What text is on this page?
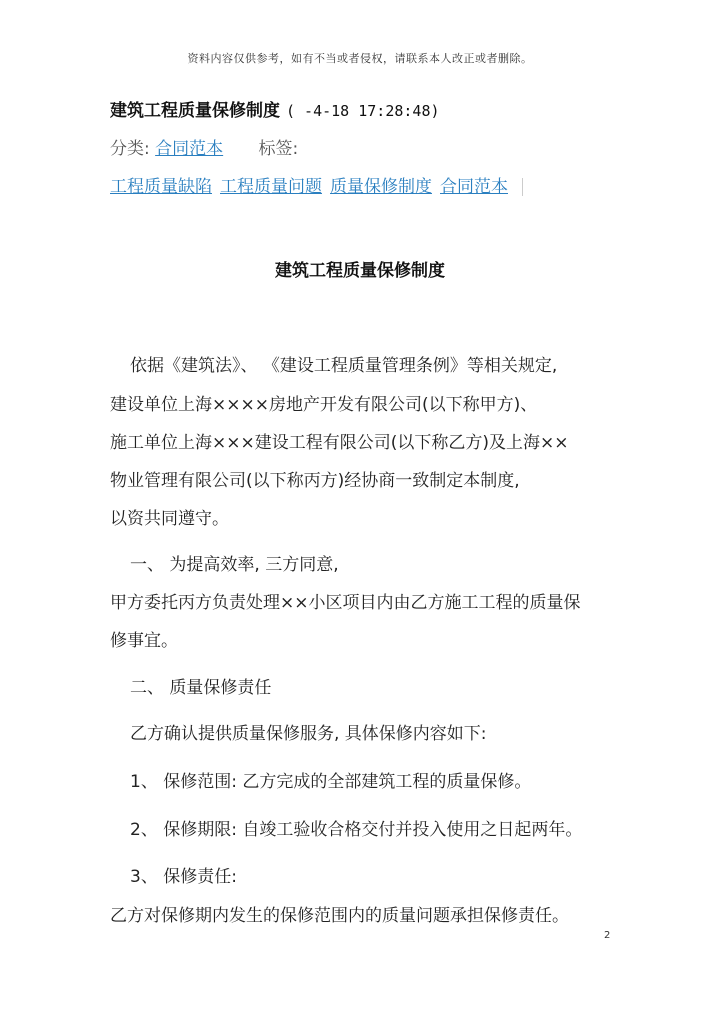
资料内容仅供参考，如有不当或者侵权，请联系本人改正或者删除。
建筑工程质量保修制度 ( -4-18 17:28:48)
分类: 合同范本 标签:
工程质量缺陷 工程质量问题 质量保修制度 合同范本
建筑工程质量保修制度
依据《建筑法》、 《建设工程质量管理条例》等相关规定,
建设单位上海××××房地产开发有限公司(以下称甲方)、
施工单位上海×××建设工程有限公司(以下称乙方)及上海××
物业管理有限公司(以下称丙方)经协商一致制定本制度,
以资共同遵守。
一、 为提高效率, 三方同意,
甲方委托丙方负责处理××小区项目内由乙方施工工程的质量保
修事宜。
二、 质量保修责任
乙方确认提供质量保修服务, 具体保修内容如下:
1、 保修范围: 乙方完成的全部建筑工程的质量保修。
2、 保修期限: 自竣工验收合格交付并投入使用之日起两年。
3、 保修责任:
乙方对保修期内发生的保修范围内的质量问题承担保修责任。
2
